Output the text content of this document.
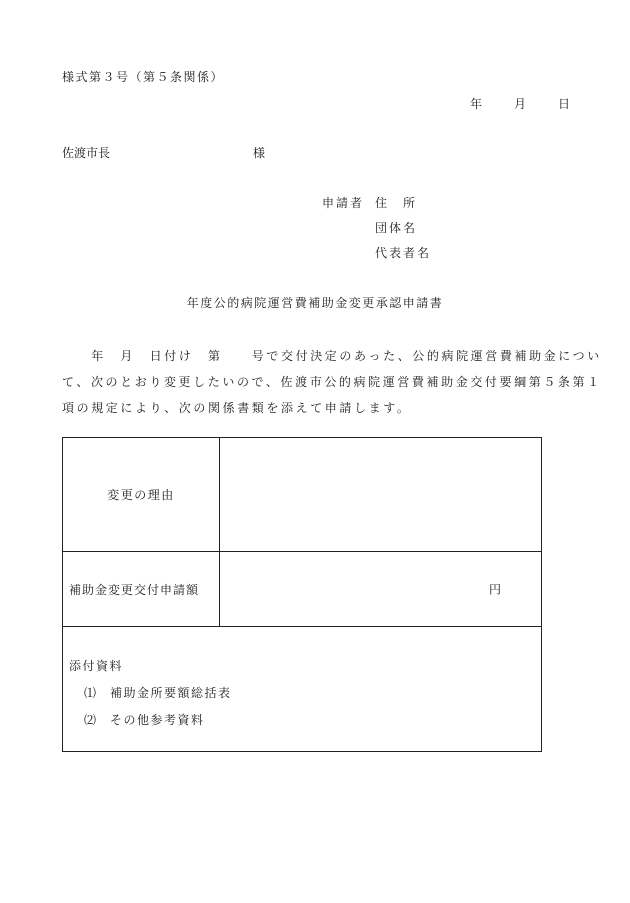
様式第３号（第５条関係）
年	月	日
佐渡市長	様
申請者 住　所
団体名
代表者名
年度公的病院運営費補助金変更承認申請書
　　年　月　日付け　第　　号で交付決定のあった、公的病院運営費補助金につい
て、次のとおり変更したいので、佐渡市公的病院運営費補助金交付要綱第５条第１
項の規定により、次の関係書類を添えて申請します。
変更の理由	
補助金変更交付申請額	円

添付資料
⑴ 補助金所要額総括表
⑵ その他参考資料	
